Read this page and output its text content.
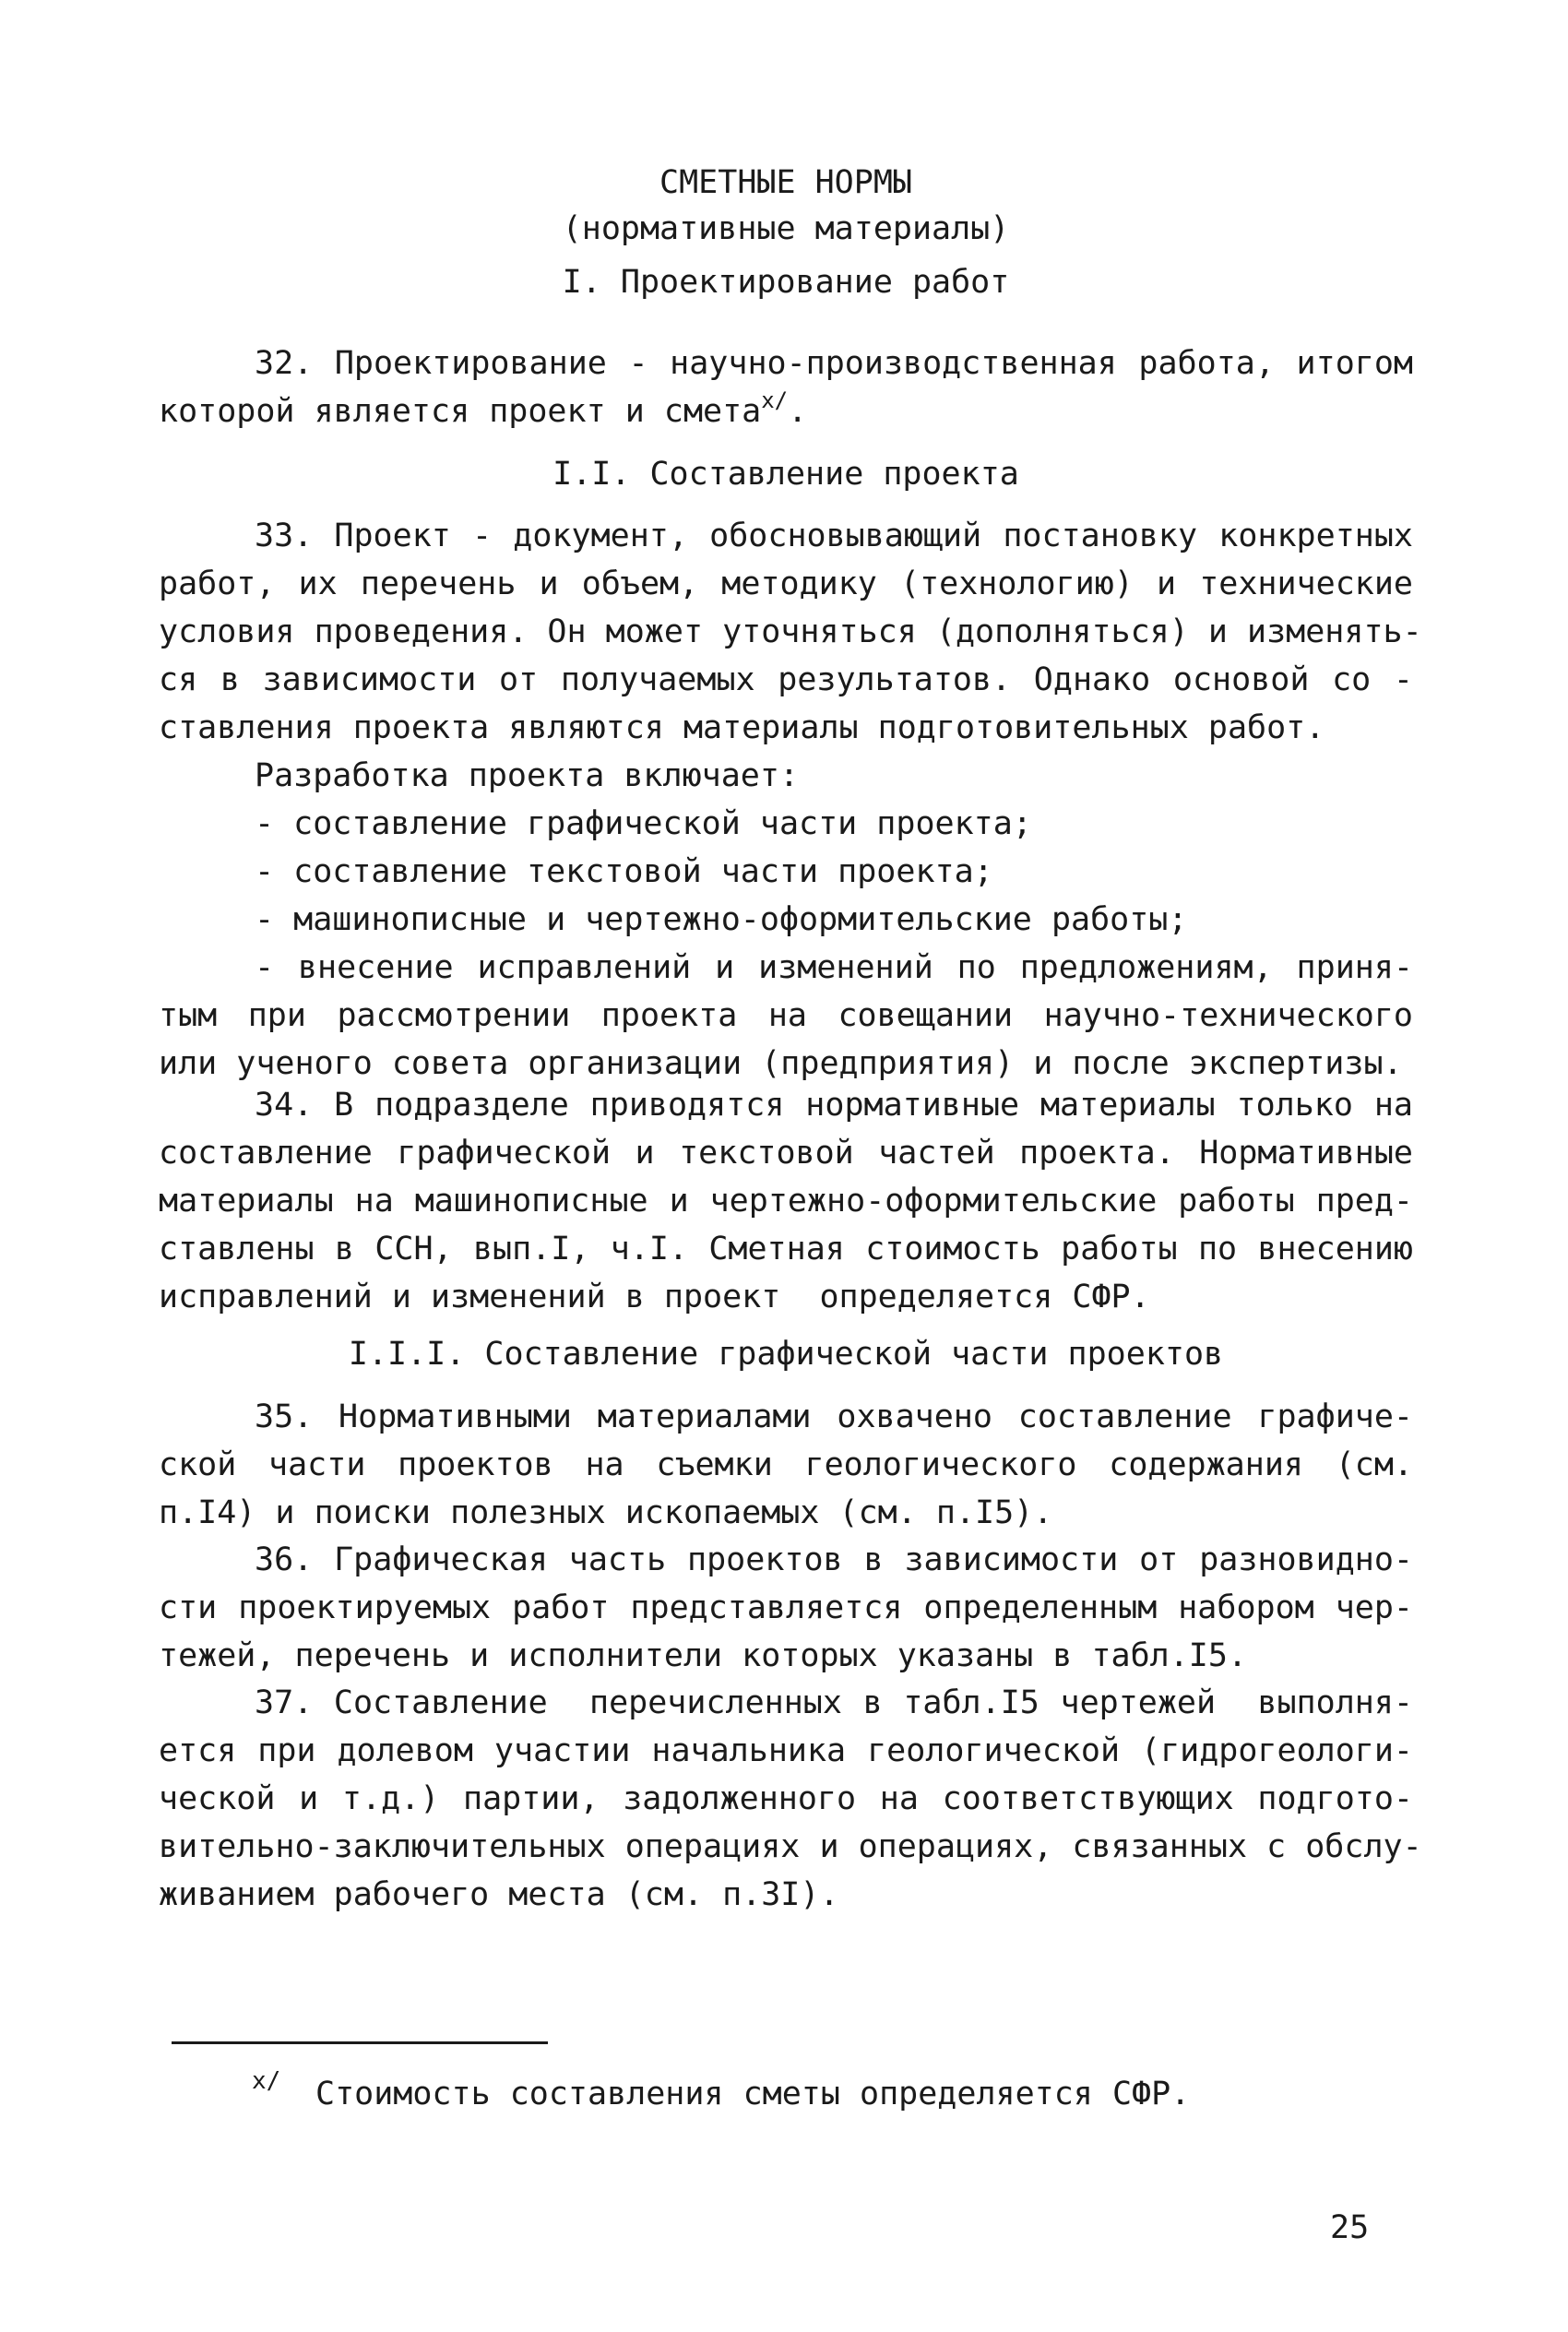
СМЕТНЫЕ НОРМЫ
(нормативные материалы)
I. Проектирование работ
32. Проектирование - научно-производственная работа, итогом
которой является проект и смета$^{x/}$.
I.I. Составление проекта
33. Проект - документ, обосновывающий постановку конкретных
работ, их перечень и объем, методику (технологию) и технические
условия проведения. Он может уточняться (дополняться) и изменять-
ся в зависимости от получаемых результатов. Однако основой со -
ставления проекта являются материалы подготовительных работ.
Разработка проекта включает:
- составление графической части проекта;
- составление текстовой части проекта;
- машинописные и чертежно-оформительские работы;
- внесение исправлений и изменений по предложениям, приня-
тым при рассмотрении проекта на совещании научно-технического
или ученого совета организации (предприятия) и после экспертизы.
34. В подразделе приводятся нормативные материалы только на
составление графической и текстовой частей проекта. Нормативные
материалы на машинописные и чертежно-оформительские работы пред-
ставлены в ССН, вып.I, ч.I. Сметная стоимость работы по внесению
исправлений и изменений в проект  определяется СФР.
I.I.I. Составление графической части проектов
35. Нормативными материалами охвачено составление графиче-
ской части проектов на съемки геологического содержания (см.
п.I4) и поиски полезных ископаемых (см. п.I5).
36. Графическая часть проектов в зависимости от разновидно-
сти проектируемых работ представляется определенным набором чер-
тежей, перечень и исполнители которых указаны в табл.I5.
37. Составление  перечисленных в табл.I5 чертежей  выполня-
ется при долевом участии начальника геологической (гидрогеологи-
ческой и т.д.) партии, задолженного на соответствующих подгото-
вительно-заключительных операциях и операциях, связанных с обслу-
живанием рабочего места (см. п.3I).
x/ Стоимость составления сметы определяется СФР.
25
